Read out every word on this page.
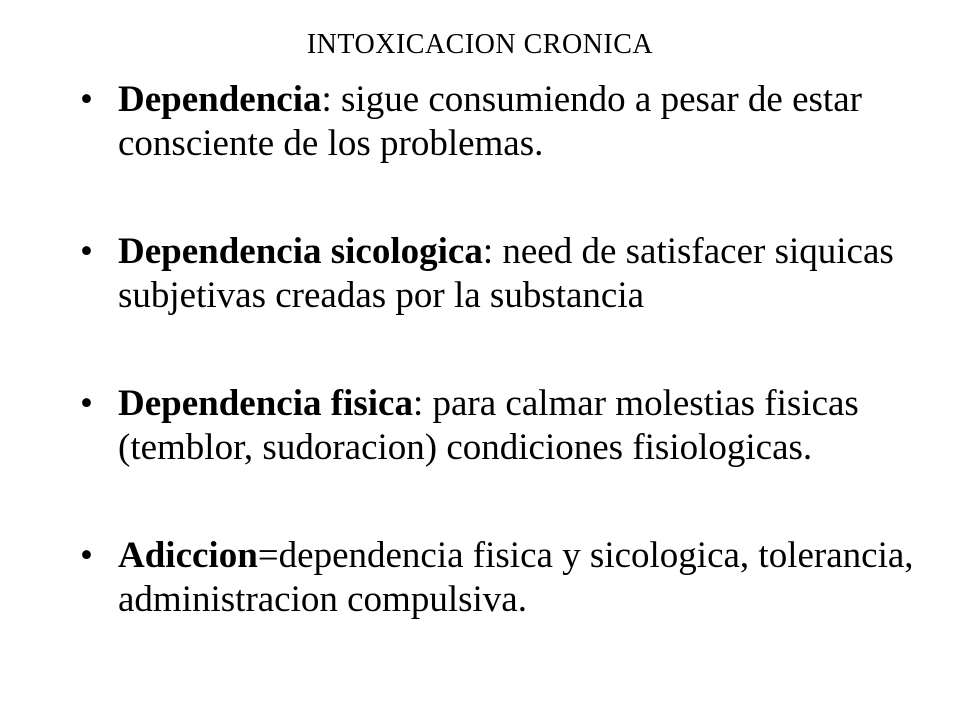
INTOXICACION CRONICA
• Dependencia: sigue consumiendo a pesar de estar consciente de los problemas.
• Dependencia sicologica: need de satisfacer siquicas subjetivas creadas por la substancia
• Dependencia fisica: para calmar molestias fisicas (temblor, sudoracion) condiciones fisiologicas.
• Adiccion=dependencia fisica y sicologica, tolerancia, administracion compulsiva.
